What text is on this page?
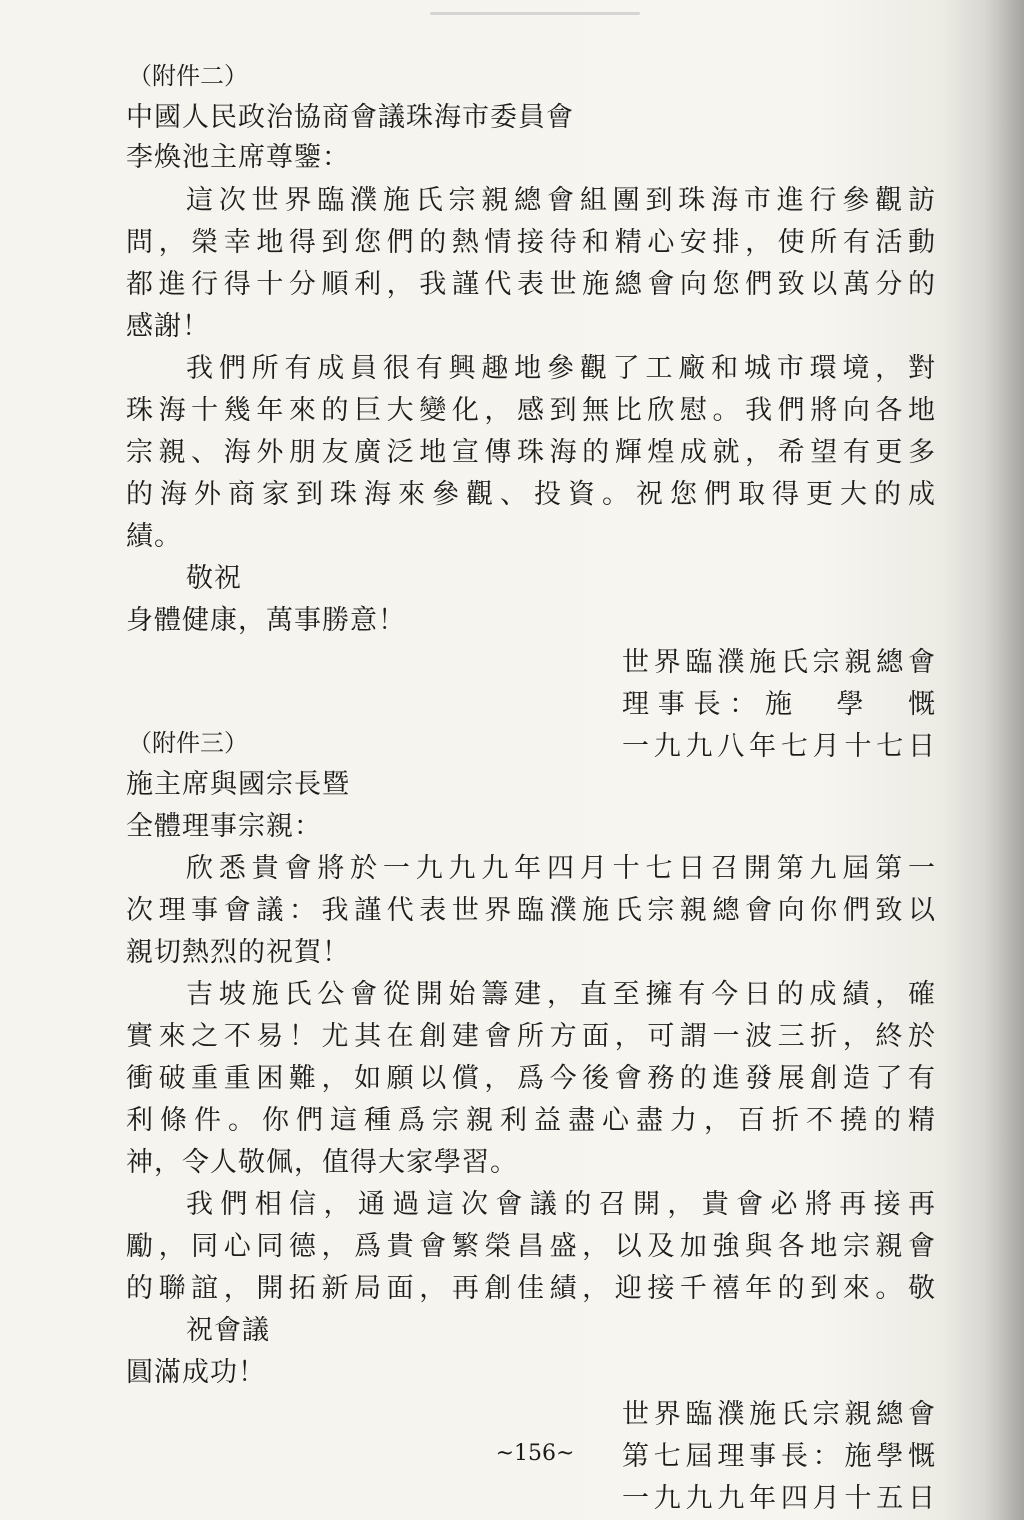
（附件二）

中國人民政治協商會議珠海市委員會

李煥池主席尊鑒：

這次世界臨濮施氏宗親總會組團到珠海市進行參觀訪

問，榮幸地得到您們的熱情接待和精心安排，使所有活動

都進行得十分順利，我謹代表世施總會向您們致以萬分的

感謝！

我們所有成員很有興趣地參觀了工廠和城市環境，對

珠海十幾年來的巨大變化，感到無比欣慰。我們將向各地

宗親、海外朋友廣泛地宣傳珠海的輝煌成就，希望有更多

的海外商家到珠海來參觀、投資。祝您們取得更大的成

績。

敬祝

身體健康，萬事勝意！

世界臨濮施氏宗親總會

理事長：施　學　慨

一九九八年七月十七日

（附件三）

施主席與國宗長暨

全體理事宗親：

欣悉貴會將於一九九九年四月十七日召開第九屆第一

次理事會議：我謹代表世界臨濮施氏宗親總會向你們致以

親切熱烈的祝賀！

吉坡施氏公會從開始籌建，直至擁有今日的成績，確

實來之不易！尤其在創建會所方面，可謂一波三折，終於

衝破重重困難，如願以償，爲今後會務的進發展創造了有

利條件。你們這種爲宗親利益盡心盡力，百折不撓的精

神，令人敬佩，值得大家學習。

我們相信，通過這次會議的召開，貴會必將再接再

勵，同心同德，爲貴會繁榮昌盛，以及加強與各地宗親會

的聯誼，開拓新局面，再創佳績，迎接千禧年的到來。敬

祝會議

圓滿成功！

世界臨濮施氏宗親總會

第七屆理事長：施學慨

一九九九年四月十五日

~156~
